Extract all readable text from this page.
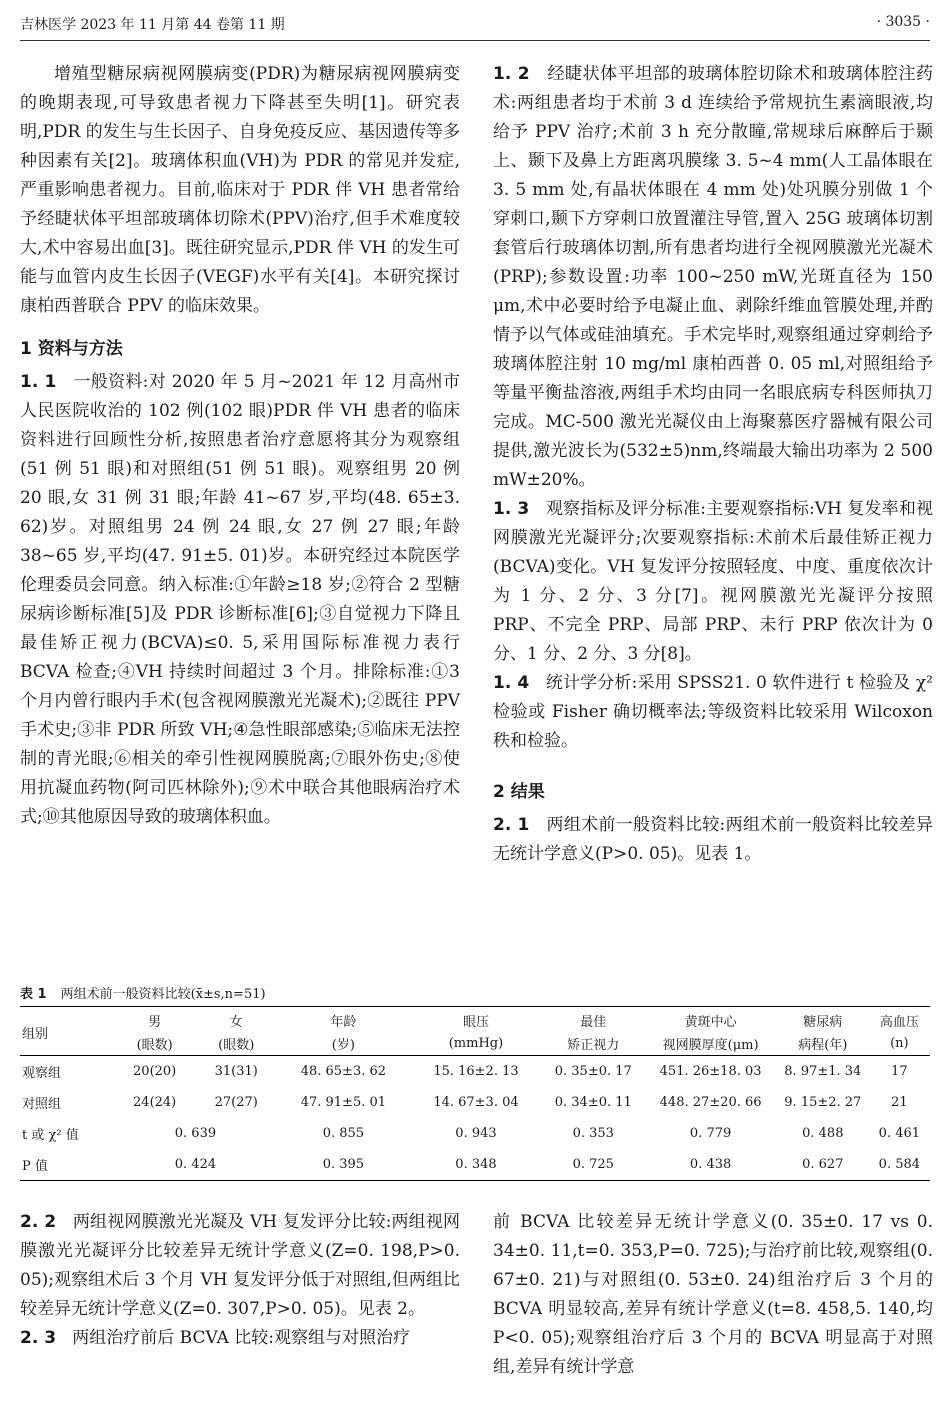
吉林医学 2023 年 11 月第 44 卷第 11 期	· 3035 ·

增殖型糖尿病视网膜病变(PDR)为糖尿病视网膜病变的晚期表现,可导致患者视力下降甚至失明[1]。研究表明,PDR 的发生与生长因子、自身免疫反应、基因遗传等多种因素有关[2]。玻璃体积血(VH)为 PDR 的常见并发症,严重影响患者视力。目前,临床对于 PDR 伴 VH 患者常给予经睫状体平坦部玻璃体切除术(PPV)治疗,但手术难度较大,术中容易出血[3]。既往研究显示,PDR 伴 VH 的发生可能与血管内皮生长因子(VEGF)水平有关[4]。本研究探讨康柏西普联合 PPV 的临床效果。

1 资料与方法

1. 1 一般资料:对 2020 年 5 月~2021 年 12 月高州市人民医院收治的 102 例(102 眼)PDR 伴 VH 患者的临床资料进行回顾性分析,按照患者治疗意愿将其分为观察组(51 例 51 眼)和对照组(51 例 51 眼)。观察组男 20 例 20 眼,女 31 例 31 眼;年龄 41~67 岁,平均(48. 65±3. 62)岁。对照组男 24 例 24 眼,女 27 例 27 眼;年龄 38~65 岁,平均(47. 91±5. 01)岁。本研究经过本院医学伦理委员会同意。纳入标准:①年龄≥18 岁;②符合 2 型糖尿病诊断标准[5]及 PDR 诊断标准[6];③自觉视力下降且最佳矫正视力(BCVA)≤0. 5,采用国际标准视力表行 BCVA 检查;④VH 持续时间超过 3 个月。排除标准:①3 个月内曾行眼内手术(包含视网膜激光光凝术);②既往 PPV 手术史;③非 PDR 所致 VH;④急性眼部感染;⑤临床无法控制的青光眼;⑥相关的牵引性视网膜脱离;⑦眼外伤史;⑧使用抗凝血药物(阿司匹林除外);⑨术中联合其他眼病治疗术式;⑩其他原因导致的玻璃体积血。

1. 2 经睫状体平坦部的玻璃体腔切除术和玻璃体腔注药术:两组患者均于术前 3 d 连续给予常规抗生素滴眼液,均给予 PPV 治疗;术前 3 h 充分散瞳,常规球后麻醉后于颞上、颞下及鼻上方距离巩膜缘 3. 5~4 mm(人工晶体眼在 3. 5 mm 处,有晶状体眼在 4 mm 处)处巩膜分别做 1 个穿刺口,颞下方穿刺口放置灌注导管,置入 25G 玻璃体切割套管后行玻璃体切割,所有患者均进行全视网膜激光光凝术(PRP);参数设置:功率 100~250 mW,光斑直径为 150 μm,术中必要时给予电凝止血、剥除纤维血管膜处理,并酌情予以气体或硅油填充。手术完毕时,观察组通过穿刺给予玻璃体腔注射 10 mg/ml 康柏西普 0. 05 ml,对照组给予等量平衡盐溶液,两组手术均由同一名眼底病专科医师执刀完成。MC-500 激光光凝仪由上海聚慕医疗器械有限公司提供,激光波长为(532±5)nm,终端最大输出功率为 2 500 mW±20%。

1. 3 观察指标及评分标准:主要观察指标:VH 复发率和视网膜激光光凝评分;次要观察指标:术前术后最佳矫正视力(BCVA)变化。VH 复发评分按照轻度、中度、重度依次计为 1 分、2 分、3 分[7]。视网膜激光光凝评分按照 PRP、不完全 PRP、局部 PRP、未行 PRP 依次计为 0 分、1 分、2 分、3 分[8]。

1. 4 统计学分析:采用 SPSS21. 0 软件进行 t 检验及 χ² 检验或 Fisher 确切概率法;等级资料比较采用 Wilcoxon 秩和检验。

2 结果

2. 1 两组术前一般资料比较:两组术前一般资料比较差异无统计学意义(P>0. 05)。见表 1。

表 1 两组术前一般资料比较(x̄±s,n=51)
组别	男	女	年龄	眼压	最佳	黄斑中心	糖尿病	高血压
	(眼数)	(眼数)	(岁)	(mmHg)	矫正视力	视网膜厚度(μm)	病程(年)	(n)
观察组	20(20)	31(31)	48. 65±3. 62	15. 16±2. 13	0. 35±0. 17	451. 26±18. 03	8. 97±1. 34	17
对照组	24(24)	27(27)	47. 91±5. 01	14. 67±3. 04	0. 34±0. 11	448. 27±20. 66	9. 15±2. 27	21
t 或 χ² 值	0. 639		0. 855	0. 943	0. 353	0. 779	0. 488	0. 461
P 值	0. 424		0. 395	0. 348	0. 725	0. 438	0. 627	0. 584

2. 2 两组视网膜激光光凝及 VH 复发评分比较:两组视网膜激光光凝评分比较差异无统计学意义(Z=0. 198,P>0. 05);观察组术后 3 个月 VH 复发评分低于对照组,但两组比较差异无统计学意义(Z=0. 307,P>0. 05)。见表 2。

2. 3 两组治疗前后 BCVA 比较:观察组与对照治疗

前 BCVA 比较差异无统计学意义(0. 35±0. 17 vs 0. 34±0. 11,t=0. 353,P=0. 725);与治疗前比较,观察组(0. 67±0. 21)与对照组(0. 53±0. 24)组治疗后 3 个月的 BCVA 明显较高,差异有统计学意义(t=8. 458,5. 140,均 P<0. 05);观察组治疗后 3 个月的 BCVA 明显高于对照组,差异有统计学意
